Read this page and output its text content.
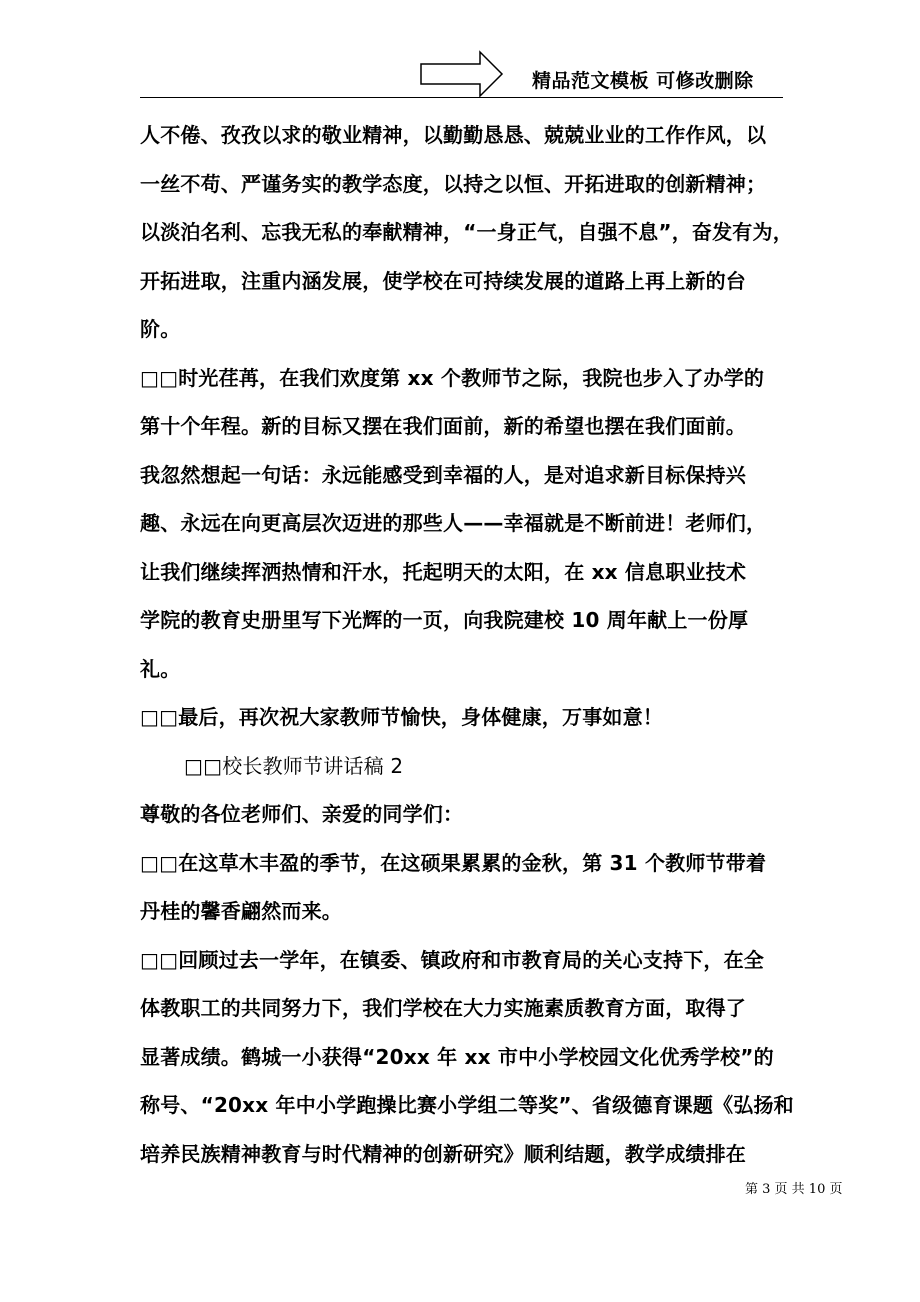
精品范文模板 可修改删除
人不倦、孜孜以求的敬业精神，以勤勤恳恳、兢兢业业的工作作风，以
一丝不苟、严谨务实的教学态度，以持之以恒、开拓进取的创新精神；
以淡泊名利、忘我无私的奉献精神，“一身正气，自强不息”，奋发有为，
开拓进取，注重内涵发展，使学校在可持续发展的道路上再上新的台
阶。
□□时光荏苒，在我们欢度第 xx 个教师节之际，我院也步入了办学的
第十个年程。新的目标又摆在我们面前，新的希望也摆在我们面前。
我忽然想起一句话：永远能感受到幸福的人，是对追求新目标保持兴
趣、永远在向更高层次迈进的那些人——幸福就是不断前进！老师们，
让我们继续挥洒热情和汗水，托起明天的太阳，在 xx 信息职业技术
学院的教育史册里写下光辉的一页，向我院建校 10 周年献上一份厚
礼。
□□最后，再次祝大家教师节愉快，身体健康，万事如意！
□□校长教师节讲话稿 2
尊敬的各位老师们、亲爱的同学们：
□□在这草木丰盈的季节，在这硕果累累的金秋，第 31 个教师节带着
丹桂的馨香翩然而来。
□□回顾过去一学年，在镇委、镇政府和市教育局的关心支持下，在全
体教职工的共同努力下，我们学校在大力实施素质教育方面，取得了
显著成绩。鹤城一小获得“20xx 年 xx 市中小学校园文化优秀学校”的
称号、“20xx 年中小学跑操比赛小学组二等奖”、省级德育课题《弘扬和
培养民族精神教育与时代精神的创新研究》顺利结题，教学成绩排在
第 3 页 共 10 页
